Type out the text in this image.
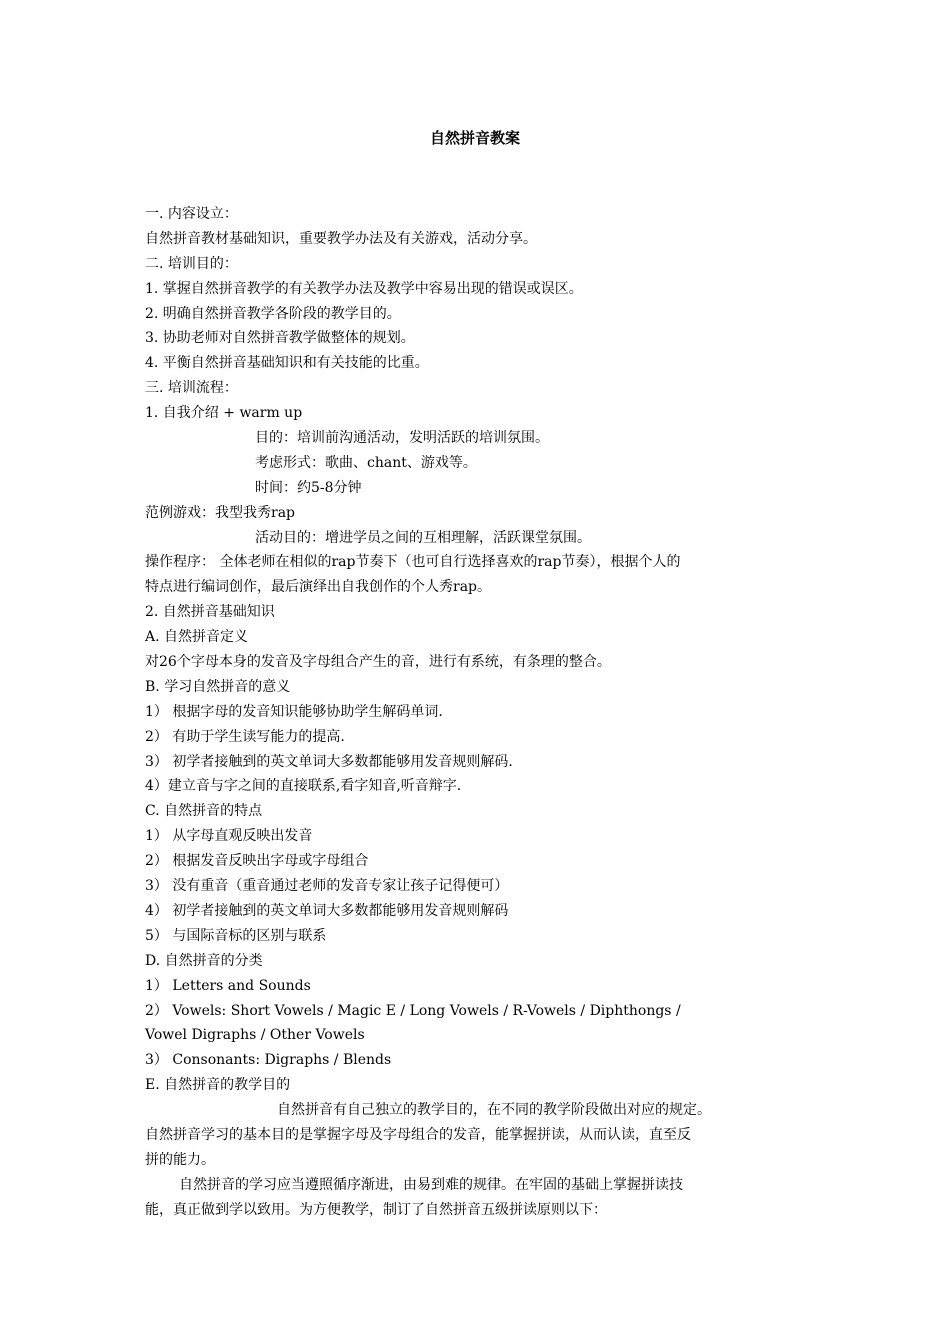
自然拼音教案
一. 内容设立：
自然拼音教材基础知识，重要教学办法及有关游戏，活动分享。
二. 培训目的：
1. 掌握自然拼音教学的有关教学办法及教学中容易出现的错误或误区。
2. 明确自然拼音教学各阶段的教学目的。
3. 协助老师对自然拼音教学做整体的规划。
4. 平衡自然拼音基础知识和有关技能的比重。
三. 培训流程：
1. 自我介绍 + warm up
目的：培训前沟通活动，发明活跃的培训氛围。
考虑形式：歌曲、chant、游戏等。
时间：约5-8分钟
范例游戏：我型我秀rap
活动目的：增进学员之间的互相理解，活跃课堂氛围。
操作程序： 全体老师在相似的rap节奏下（也可自行选择喜欢的rap节奏），根据个人的
特点进行编词创作，最后演绎出自我创作的个人秀rap。
2. 自然拼音基础知识
A. 自然拼音定义
对26个字母本身的发音及字母组合产生的音，进行有系统，有条理的整合。
B. 学习自然拼音的意义
1） 根据字母的发音知识能够协助学生解码单词.
2） 有助于学生读写能力的提高.
3） 初学者接触到的英文单词大多数都能够用发音规则解码.
4）建立音与字之间的直接联系,看字知音,听音辩字.
C. 自然拼音的特点
1） 从字母直观反映出发音
2） 根据发音反映出字母或字母组合
3） 没有重音（重音通过老师的发音专家让孩子记得便可）
4） 初学者接触到的英文单词大多数都能够用发音规则解码
5） 与国际音标的区别与联系
D. 自然拼音的分类
1） Letters and Sounds
2） Vowels: Short Vowels / Magic E / Long Vowels / R-Vowels / Diphthongs /
Vowel Digraphs / Other Vowels
3） Consonants: Digraphs / Blends
E. 自然拼音的教学目的
自然拼音有自己独立的教学目的，在不同的教学阶段做出对应的规定。
自然拼音学习的基本目的是掌握字母及字母组合的发音，能掌握拼读，从而认读，直至反
拼的能力。
自然拼音的学习应当遵照循序渐进，由易到难的规律。在牢固的基础上掌握拼读技
能，真正做到学以致用。为方便教学，制订了自然拼音五级拼读原则以下：
